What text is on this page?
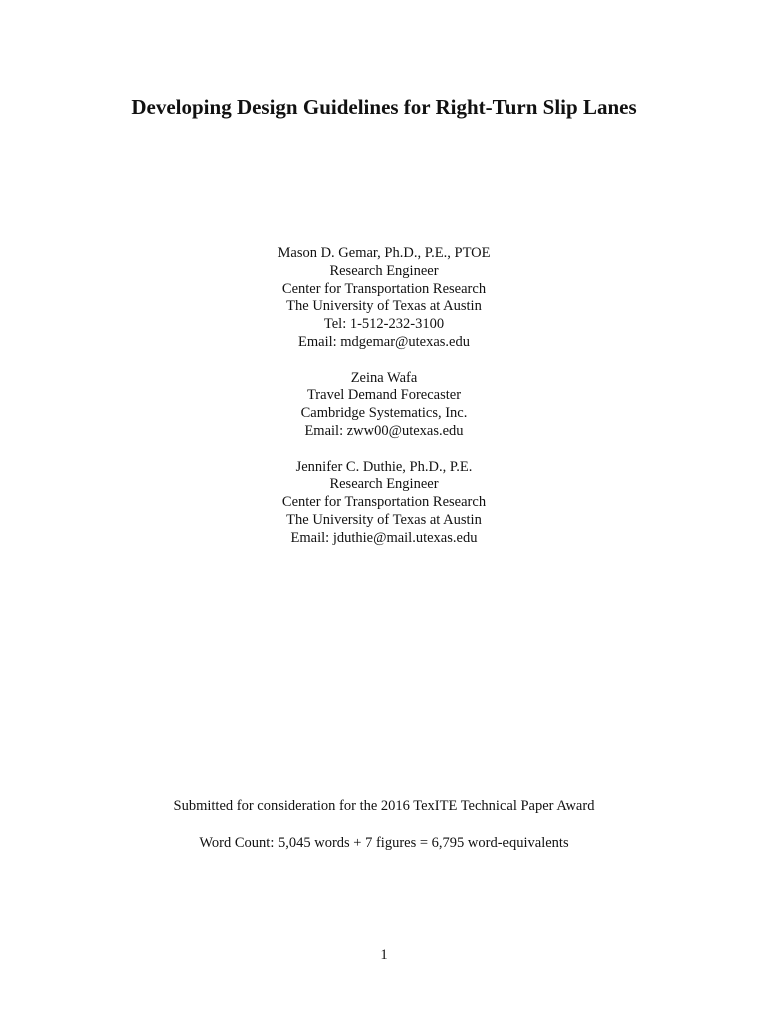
Developing Design Guidelines for Right-Turn Slip Lanes
Mason D. Gemar, Ph.D., P.E., PTOE
Research Engineer
Center for Transportation Research
The University of Texas at Austin
Tel: 1-512-232-3100
Email: mdgemar@utexas.edu
Zeina Wafa
Travel Demand Forecaster
Cambridge Systematics, Inc.
Email: zww00@utexas.edu
Jennifer C. Duthie, Ph.D., P.E.
Research Engineer
Center for Transportation Research
The University of Texas at Austin
Email: jduthie@mail.utexas.edu
Submitted for consideration for the 2016 TexITE Technical Paper Award
Word Count: 5,045 words + 7 figures = 6,795 word-equivalents
1
